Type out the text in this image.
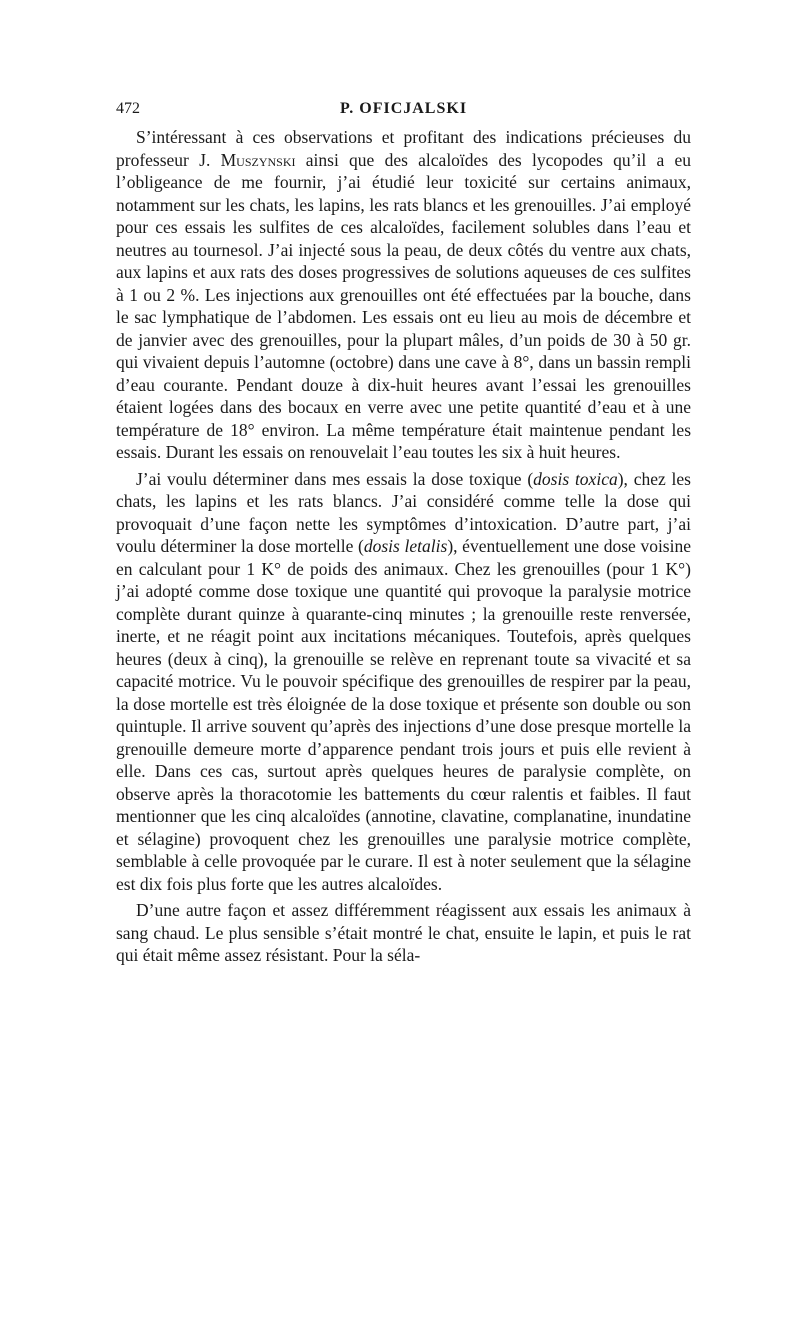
472	P. OFICJALSKI

S’intéressant à ces observations et profitant des indications précieuses du professeur J. Muszynski ainsi que des alcaloïdes des lycopodes qu’il a eu l’obligeance de me fournir, j’ai étudié leur toxicité sur certains animaux, notamment sur les chats, les lapins, les rats blancs et les grenouilles. J’ai employé pour ces essais les sulfites de ces alcaloïdes, facilement solubles dans l’eau et neutres au tournesol. J’ai injecté sous la peau, de deux côtés du ventre aux chats, aux lapins et aux rats des doses progressives de solutions aqueuses de ces sulfites à 1 ou 2 %. Les injections aux grenouilles ont été effectuées par la bouche, dans le sac lymphatique de l’abdomen. Les essais ont eu lieu au mois de décembre et de janvier avec des grenouilles, pour la plupart mâles, d’un poids de 30 à 50 gr. qui vivaient depuis l’automne (octobre) dans une cave à 8°, dans un bassin rempli d’eau courante. Pendant douze à dix-huit heures avant l’essai les grenouilles étaient logées dans des bocaux en verre avec une petite quantité d’eau et à une température de 18° environ. La même température était maintenue pendant les essais. Durant les essais on renouvelait l’eau toutes les six à huit heures.

J’ai voulu déterminer dans mes essais la dose toxique (dosis toxica), chez les chats, les lapins et les rats blancs. J’ai considéré comme telle la dose qui provoquait d’une façon nette les symptômes d’intoxication. D’autre part, j’ai voulu déterminer la dose mortelle (dosis letalis), éventuellement une dose voisine en calculant pour 1 K° de poids des animaux. Chez les grenouilles (pour 1 K°) j’ai adopté comme dose toxique une quantité qui provoque la paralysie motrice complète durant quinze à quarante-cinq minutes ; la grenouille reste renversée, inerte, et ne réagit point aux incitations mécaniques. Toutefois, après quelques heures (deux à cinq), la grenouille se relève en reprenant toute sa vivacité et sa capacité motrice. Vu le pouvoir spécifique des grenouilles de respirer par la peau, la dose mortelle est très éloignée de la dose toxique et présente son double ou son quintuple. Il arrive souvent qu’après des injections d’une dose presque mortelle la grenouille demeure morte d’apparence pendant trois jours et puis elle revient à elle. Dans ces cas, surtout après quelques heures de paralysie complète, on observe après la thoracotomie les battements du cœur ralentis et faibles. Il faut mentionner que les cinq alcaloïdes (annotine, clavatine, complanatine, inundatine et sélagine) provoquent chez les grenouilles une paralysie motrice complète, semblable à celle provoquée par le curare. Il est à noter seulement que la sélagine est dix fois plus forte que les autres alcaloïdes.

D’une autre façon et assez différemment réagissent aux essais les animaux à sang chaud. Le plus sensible s’était montré le chat, ensuite le lapin, et puis le rat qui était même assez résistant. Pour la séla-
